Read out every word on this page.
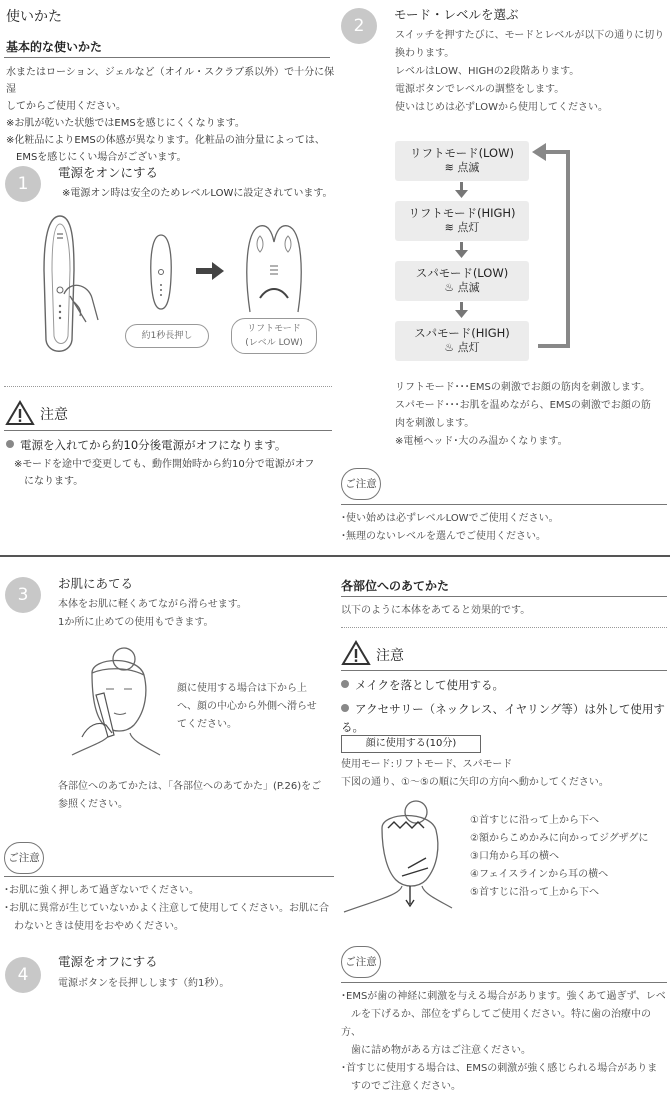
使いかた
基本的な使いかた
水またはローション、ジェルなど（オイル・スクラブ系以外）で十分に保湿
してからご使用ください。
※お肌が乾いた状態ではEMSを感じにくくなります。
※化粧品によりEMSの体感が異なります。化粧品の油分量によっては、
　EMSを感じにくい場合がございます。
1
電源をオンにする
※電源オン時は安全のためレベルLOWに設定されています。
約1秒長押し
リフトモード
(レベル LOW)
注意
電源を入れてから約10分後電源がオフになります。
※モードを途中で変更しても、動作開始時から約10分で電源がオフ
　になります。
2
モード・レベルを選ぶ
スイッチを押すたびに、モードとレベルが以下の通りに切り
換わります。
レベルはLOW、HIGHの2段階あります。
電源ボタンでレベルの調整をします。
使いはじめは必ずLOWから使用してください。
リフトモード(LOW)
≋ 点滅
リフトモード(HIGH)
≋ 点灯
スパモード(LOW)
♨ 点滅
スパモード(HIGH)
♨ 点灯
リフトモード･･･EMSの刺激でお顔の筋肉を刺激します。
スパモード･･･お肌を温めながら、EMSの刺激でお顔の筋
肉を刺激します。
※電極ヘッド･大のみ温かくなります。
ご注意
･使い始めは必ずレベルLOWでご使用ください。
･無理のないレベルを選んでご使用ください。
3
お肌にあてる
本体をお肌に軽くあてながら滑らせます。
1か所に止めての使用もできます。
顔に使用する場合は下から上
へ、顔の中心から外側へ滑らせ
てください。
各部位へのあてかたは、「各部位へのあてかた」(P.26)をご
参照ください。
ご注意
･お肌に強く押しあて過ぎないでください。
･お肌に異常が生じていないかよく注意して使用してください。お肌に合
　わないときは使用をおやめください。
4
電源をオフにする
電源ボタンを長押しします（約1秒）。
各部位へのあてかた
以下のように本体をあてると効果的です。
注意
メイクを落として使用する。
アクセサリー（ネックレス、イヤリング等）は外して使用する。
顔に使用する(10分)
使用モード:リフトモード、スパモード
下図の通り、①～⑤の順に矢印の方向へ動かしてください。
①首すじに沿って上から下へ
②額からこめかみに向かってジグザグに
③口角から耳の横へ
④フェイスラインから耳の横へ
⑤首すじに沿って上から下へ
ご注意
･EMSが歯の神経に刺激を与える場合があります。強くあて過ぎず、レベ
　ルを下げるか、部位をずらしてご使用ください。特に歯の治療中の方、
　歯に詰め物がある方はご注意ください。
･首すじに使用する場合は、EMSの刺激が強く感じられる場合がありま
　すのでご注意ください。
